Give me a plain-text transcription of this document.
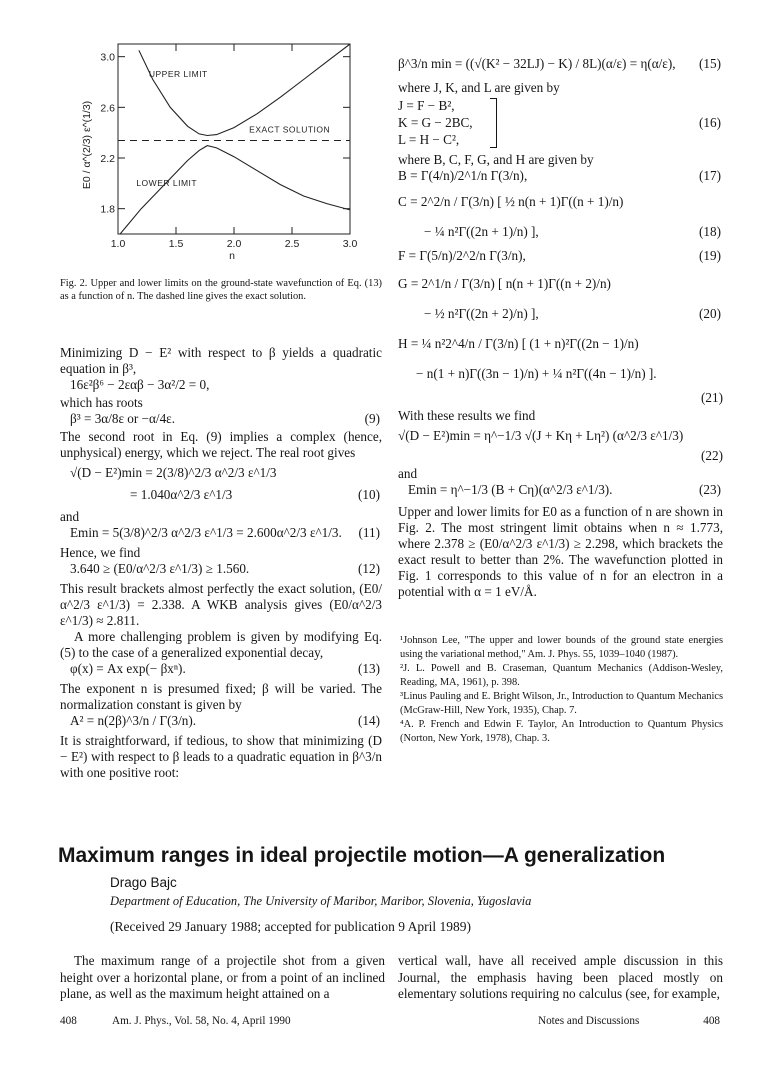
1.0	1.5	2.0	2.5	3.0
1.8
2.2
2.6
3.0
n
E0 / α^(2/3) ε^(1/3)
UPPER LIMIT
EXACT SOLUTION
LOWER LIMIT

Fig. 2. Upper and lower limits on the ground-state wavefunction of Eq. (13) as a function of n. The dashed line gives the exact solution.

Minimizing D − E² with respect to β yields a quadratic equation in β³,

16ε²β⁶ − 2εαβ − 3α²/2 = 0,

which has roots

β³ = 3α/8ε or −α/4ε.	(9)

The second root in Eq. (9) implies a complex (hence, unphysical) energy, which we reject. The real root gives

√(D − E²)min = 2(3/8)^2/3 α^2/3 ε^1/3
= 1.040α^2/3 ε^1/3	(10)

and

Emin = 5(3/8)^2/3 α^2/3 ε^1/3 = 2.600α^2/3 ε^1/3. (11)

Hence, we find

3.640 ≥ (E0/α^2/3 ε^1/3) ≥ 1.560.	(12)

This result brackets almost perfectly the exact solution, (E0/α^2/3 ε^1/3) = 2.338. A WKB analysis gives (E0/α^2/3 ε^1/3) ≈ 2.811.

A more challenging problem is given by modifying Eq. (5) to the case of a generalized exponential decay,

φ(x) = Ax exp(− βxⁿ).	(13)

The exponent n is presumed fixed; β will be varied. The normalization constant is given by

A² = n(2β)^3/n / Γ(3/n).	(14)

It is straightforward, if tedious, to show that minimizing (D − E²) with respect to β leads to a quadratic equation in β^3/n with one positive root:

β^3/n min = ((√(K² − 32LJ) − K) / 8L)(α/ε) = η(α/ε), (15)

where J, K, and L are given by

J = F − B²,
K = G − 2BC,
L = H − C²,
(16)

where B, C, F, G, and H are given by

B = Γ(4/n)/2^1/n Γ(3/n),	(17)
C = 2^2/n / Γ(3/n) [ ½ n(n + 1)Γ((n + 1)/n)
− ¼ n²Γ((2n + 1)/n) ],	(18)
F = Γ(5/n)/2^2/n Γ(3/n),	(19)
G = 2^1/n / Γ(3/n) [ n(n + 1)Γ((n + 2)/n)
− ½ n²Γ((2n + 2)/n) ],	(20)
H = ¼ n²2^4/n / Γ(3/n) [ (1 + n)²Γ((2n − 1)/n)
− n(1 + n)Γ((3n − 1)/n) + ¼ n²Γ((4n − 1)/n) ].
(21)

With these results we find

√(D − E²)min = η^−1/3 √(J + Kη + Lη²) (α^2/3 ε^1/3)
(22)

and

Emin = η^−1/3 (B + Cη)(α^2/3 ε^1/3).	(23)

Upper and lower limits for E0 as a function of n are shown in Fig. 2. The most stringent limit obtains when n ≈ 1.773, where 2.378 ≥ (E0/α^2/3 ε^1/3) ≥ 2.298, which brackets the exact result to better than 2%. The wavefunction plotted in Fig. 1 corresponds to this value of n for an electron in a potential with α = 1 eV/Å.

¹Johnson Lee, "The upper and lower bounds of the ground state energies using the variational method," Am. J. Phys. 55, 1039–1040 (1987).

²J. L. Powell and B. Craseman, Quantum Mechanics (Addison-Wesley, Reading, MA, 1961), p. 398.

³Linus Pauling and E. Bright Wilson, Jr., Introduction to Quantum Mechanics (McGraw-Hill, New York, 1935), Chap. 7.

⁴A. P. French and Edwin F. Taylor, An Introduction to Quantum Physics (Norton, New York, 1978), Chap. 3.

Maximum ranges in ideal projectile motion—A generalization
Drago Bajc
Department of Education, The University of Maribor, Maribor, Slovenia, Yugoslavia
(Received 29 January 1988; accepted for publication 9 April 1989)

The maximum range of a projectile shot from a given height over a horizontal plane, or from a point of an inclined plane, as well as the maximum height attained on a

vertical wall, have all received ample discussion in this Journal, the emphasis having been placed mostly on elementary solutions requiring no calculus (see, for example,

408	Am. J. Phys., Vol. 58, No. 4, April 1990	Notes and Discussions	408
